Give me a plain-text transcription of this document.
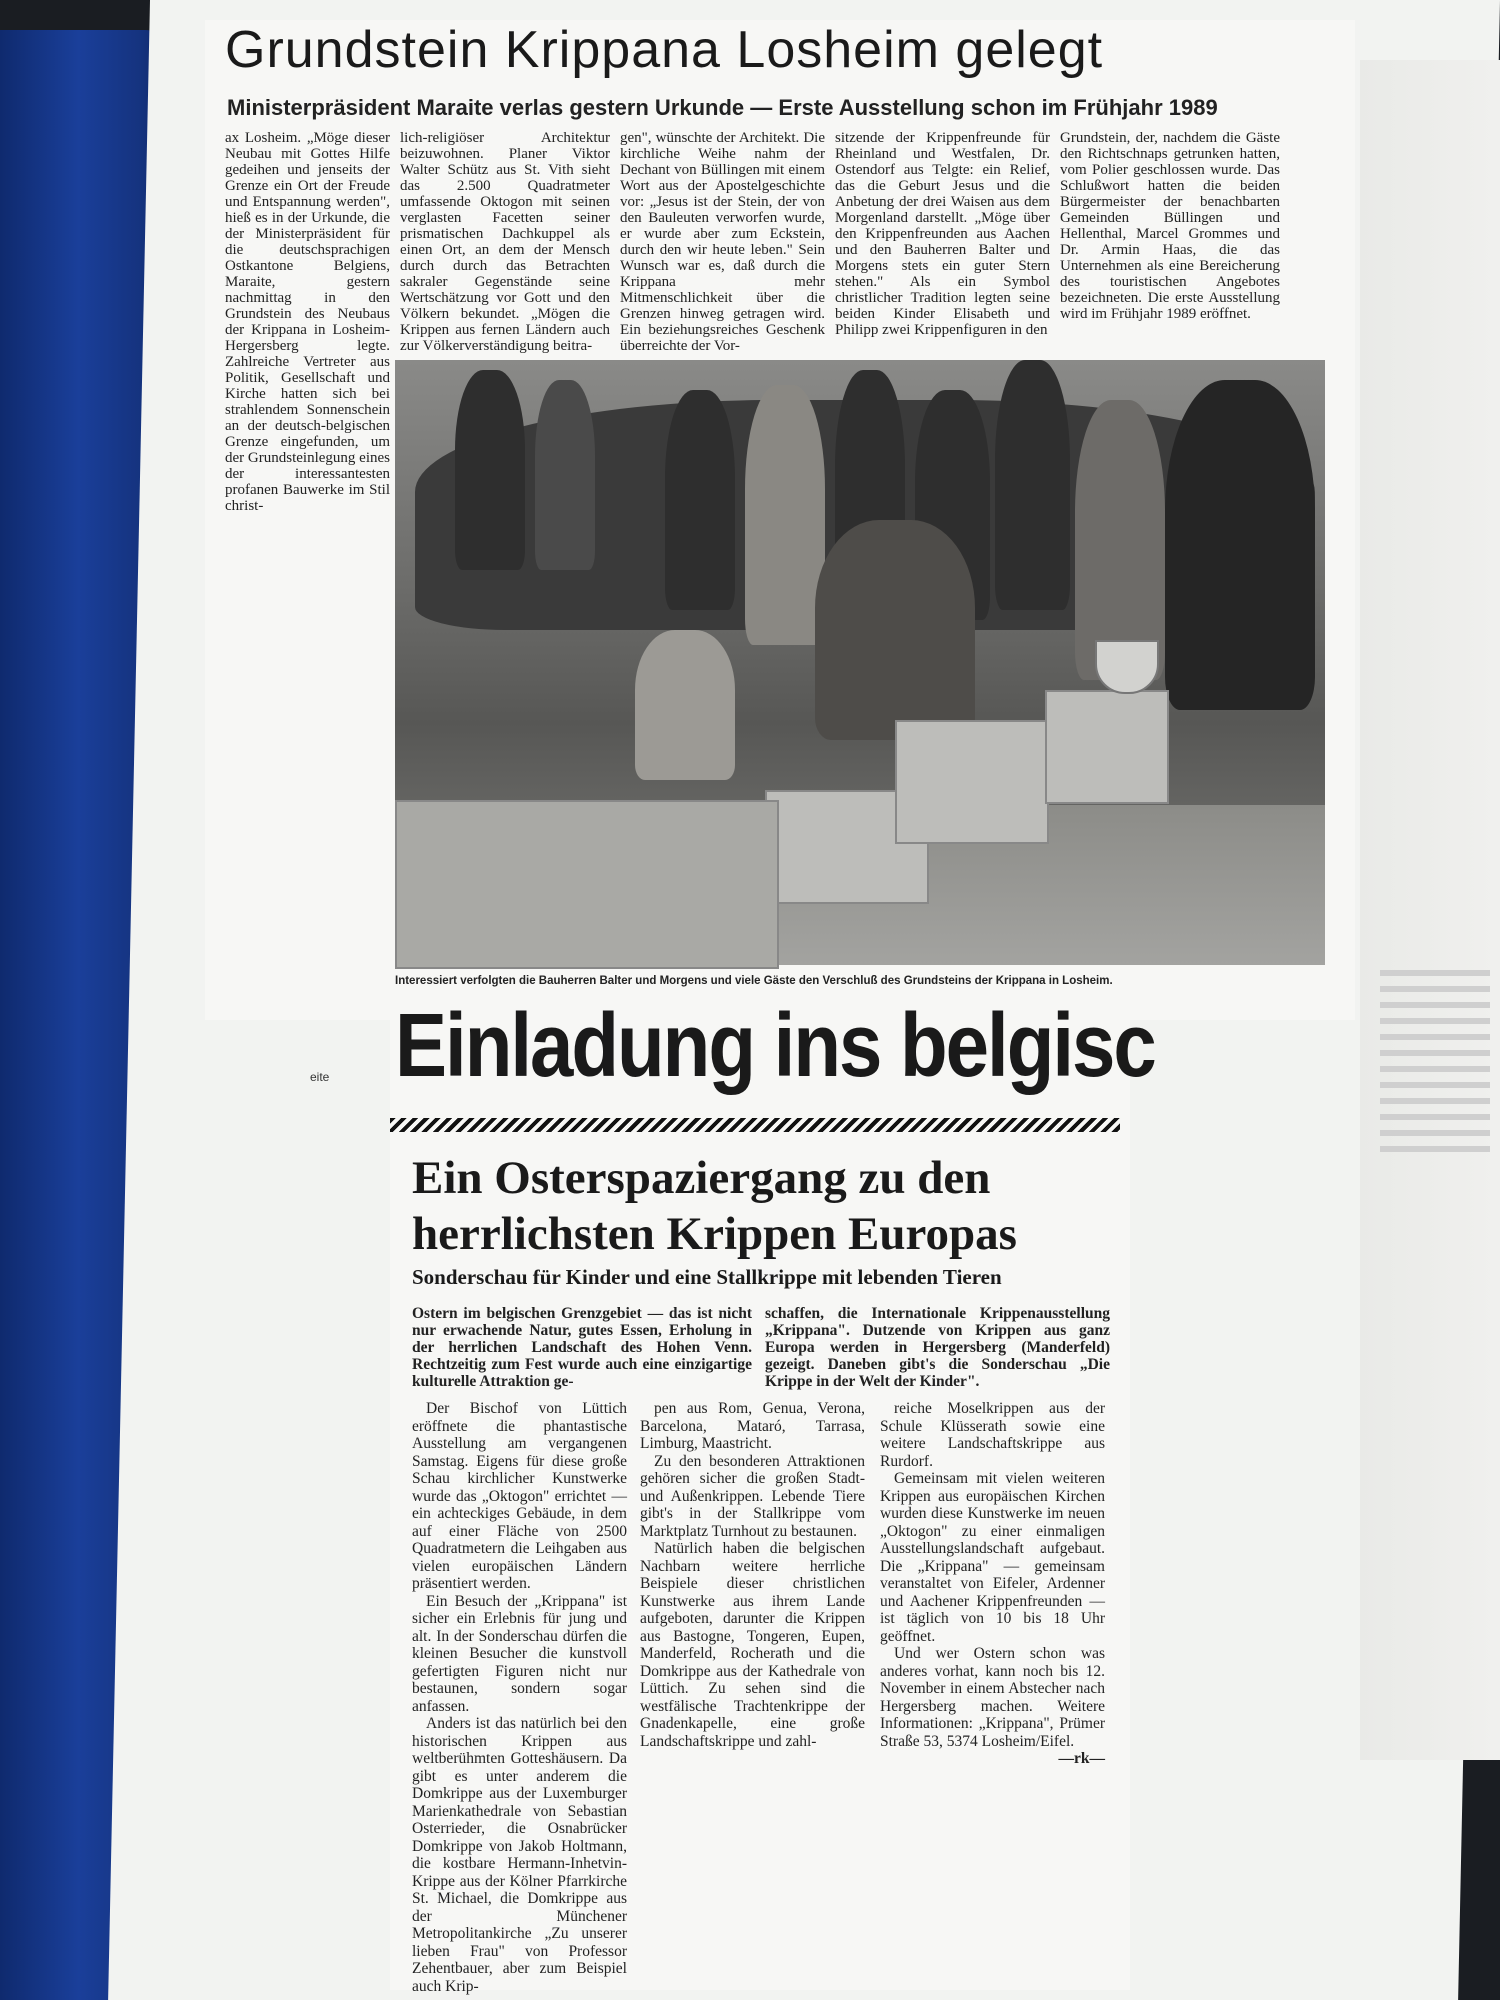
Grundstein Krippana Losheim gelegt
Ministerpräsident Maraite verlas gestern Urkunde — Erste Ausstellung schon im Frühjahr 1989
ax Losheim. „Möge dieser Neubau mit Gottes Hilfe gedeihen und jenseits der Grenze ein Ort der Freude und Entspannung werden", hieß es in der Urkunde, die der Ministerpräsident für die deutschsprachigen Ostkantone Belgiens, Maraite, gestern nachmittag in den Grundstein des Neubaus der Krippana in Losheim-Hergersberg legte. Zahlreiche Vertreter aus Politik, Gesellschaft und Kirche hatten sich bei strahlendem Sonnenschein an der deutsch-belgischen Grenze eingefunden, um der Grundsteinlegung eines der interessantesten profanen Bauwerke im Stil christ-
lich-religiöser Architektur beizuwohnen. Planer Viktor Walter Schütz aus St. Vith sieht das 2.500 Quadratmeter umfassende Oktogon mit seinen verglasten Facetten seiner prismatischen Dachkuppel als einen Ort, an dem der Mensch durch durch das Betrachten sakraler Gegenstände seine Wertschätzung vor Gott und den Völkern bekundet. „Mögen die Krippen aus fernen Ländern auch zur Völkerverständigung beitra-
gen", wünschte der Architekt. Die kirchliche Weihe nahm der Dechant von Büllingen mit einem Wort aus der Apostelgeschichte vor: „Jesus ist der Stein, der von den Bauleuten verworfen wurde, er wurde aber zum Eckstein, durch den wir heute leben." Sein Wunsch war es, daß durch die Krippana mehr Mitmenschlichkeit über die Grenzen hinweg getragen wird. Ein beziehungsreiches Geschenk überreichte der Vor-
sitzende der Krippenfreunde für Rheinland und Westfalen, Dr. Ostendorf aus Telgte: ein Relief, das die Geburt Jesus und die Anbetung der drei Waisen aus dem Morgenland darstellt. „Möge über den Krippenfreunden aus Aachen und den Bauherren Balter und Morgens stets ein guter Stern stehen." Als ein Symbol christlicher Tradition legten seine beiden Kinder Elisabeth und Philipp zwei Krippenfiguren in den
Grundstein, der, nachdem die Gäste den Richtschnaps getrunken hatten, vom Polier geschlossen wurde. Das Schlußwort hatten die beiden Bürgermeister der benachbarten Gemeinden Büllingen und Hellenthal, Marcel Grommes und Dr. Armin Haas, die das Unternehmen als eine Bereicherung des touristischen Angebotes bezeichneten. Die erste Ausstellung wird im Frühjahr 1989 eröffnet.
Interessiert verfolgten die Bauherren Balter und Morgens und viele Gäste den Verschluß des Grundsteins der Krippana in Losheim.
eite Einladung ins belgisc
Ein Osterspaziergang zu den herrlichsten Krippen Europas
Sonderschau für Kinder und eine Stallkrippe mit lebenden Tieren
Ostern im belgischen Grenzgebiet — das ist nicht nur erwachende Natur, gutes Essen, Erholung in der herrlichen Landschaft des Hohen Venn. Rechtzeitig zum Fest wurde auch eine einzigartige kulturelle Attraktion ge-
schaffen, die Internationale Krippenausstellung „Krippana". Dutzende von Krippen aus ganz Europa werden in Hergersberg (Manderfeld) gezeigt. Daneben gibt's die Sonderschau „Die Krippe in der Welt der Kinder".

Der Bischof von Lüttich eröffnete die phantastische Ausstellung am vergangenen Samstag. Eigens für diese große Schau kirchlicher Kunstwerke wurde das „Oktogon" errichtet — ein achteckiges Gebäude, in dem auf einer Fläche von 2500 Quadratmetern die Leihgaben aus vielen europäischen Ländern präsentiert werden.

Ein Besuch der „Krippana" ist sicher ein Erlebnis für jung und alt. In der Sonderschau dürfen die kleinen Besucher die kunstvoll gefertigten Figuren nicht nur bestaunen, sondern sogar anfassen.

Anders ist das natürlich bei den historischen Krippen aus weltberühmten Gotteshäusern. Da gibt es unter anderem die Domkrippe aus der Luxemburger Marienkathedrale von Sebastian Osterrieder, die Osnabrücker Domkrippe von Jakob Holtmann, die kostbare Hermann-Inhetvin-Krippe aus der Kölner Pfarrkirche St. Michael, die Domkrippe aus der Münchener Metropolitankirche „Zu unserer lieben Frau" von Professor Zehentbauer, aber zum Beispiel auch Krip-

pen aus Rom, Genua, Verona, Barcelona, Mataró, Tarrasa, Limburg, Maastricht.

Zu den besonderen Attraktionen gehören sicher die großen Stadt- und Außenkrippen. Lebende Tiere gibt's in der Stallkrippe vom Marktplatz Turnhout zu bestaunen.

Natürlich haben die belgischen Nachbarn weitere herrliche Beispiele dieser christlichen Kunstwerke aus ihrem Lande aufgeboten, darunter die Krippen aus Bastogne, Tongeren, Eupen, Manderfeld, Rocherath und die Domkrippe aus der Kathedrale von Lüttich. Zu sehen sind die westfälische Trachtenkrippe der Gnadenkapelle, eine große Landschaftskrippe und zahl-

reiche Moselkrippen aus der Schule Klüsserath sowie eine weitere Landschaftskrippe aus Rurdorf.

Gemeinsam mit vielen weiteren Krippen aus europäischen Kirchen wurden diese Kunstwerke im neuen „Oktogon" zu einer einmaligen Ausstellungslandschaft aufgebaut. Die „Krippana" — gemeinsam veranstaltet von Eifeler, Ardenner und Aachener Krippenfreunden — ist täglich von 10 bis 18 Uhr geöffnet.

Und wer Ostern schon was anderes vorhat, kann noch bis 12. November in einem Abstecher nach Hergersberg machen. Weitere Informationen: „Krippana", Prümer Straße 53, 5374 Losheim/Eifel.

—rk—
